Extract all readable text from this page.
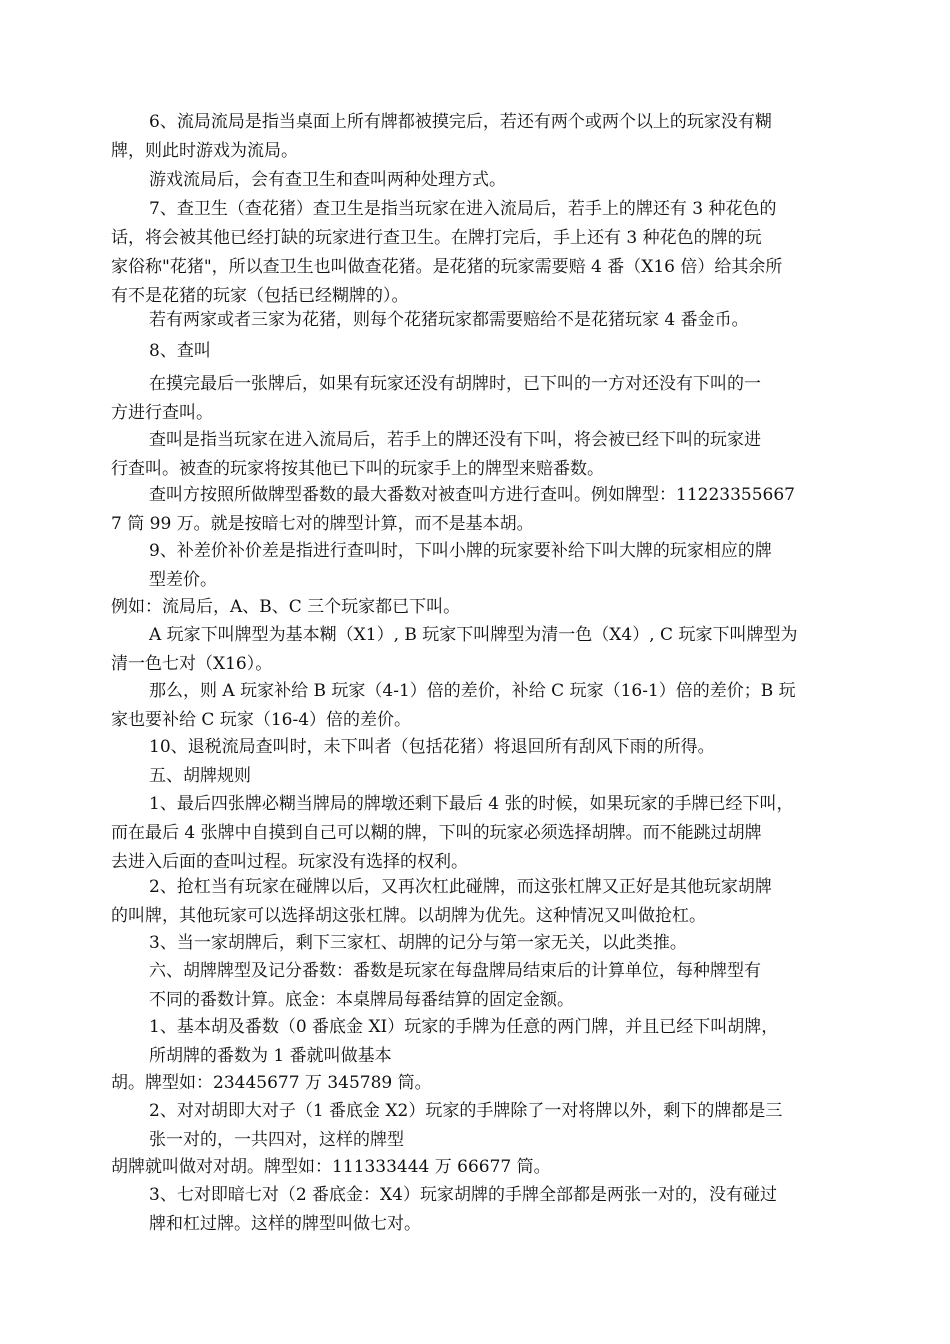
6、流局流局是指当桌面上所有牌都被摸完后，若还有两个或两个以上的玩家没有糊
牌，则此时游戏为流局。

游戏流局后，会有查卫生和查叫两种处理方式。

7、查卫生（查花猪）查卫生是指当玩家在进入流局后，若手上的牌还有 3 种花色的
话，将会被其他已经打缺的玩家进行查卫生。在牌打完后，手上还有 3 种花色的牌的玩
家俗称"花猪"，所以查卫生也叫做查花猪。是花猪的玩家需要赔 4 番（X16 倍）给其余所
有不是花猪的玩家（包括已经糊牌的）。

若有两家或者三家为花猪，则每个花猪玩家都需要赔给不是花猪玩家 4 番金币。

8、查叫

在摸完最后一张牌后，如果有玩家还没有胡牌时，已下叫的一方对还没有下叫的一
方进行查叫。

查叫是指当玩家在进入流局后，若手上的牌还没有下叫，将会被已经下叫的玩家进
行查叫。被查的玩家将按其他已下叫的玩家手上的牌型来赔番数。

查叫方按照所做牌型番数的最大番数对被查叫方进行查叫。例如牌型：11223355667
7 筒 99 万。就是按暗七对的牌型计算，而不是基本胡。

9、补差价补价差是指进行查叫时，下叫小牌的玩家要补给下叫大牌的玩家相应的牌
型差价。

例如：流局后，A、B、C 三个玩家都已下叫。

A 玩家下叫牌型为基本糊（X1）, B 玩家下叫牌型为清一色（X4）, C 玩家下叫牌型为
清一色七对（X16）。

那么，则 A 玩家补给 B 玩家（4-1）倍的差价，补给 C 玩家（16-1）倍的差价；B 玩
家也要补给 C 玩家（16-4）倍的差价。

10、退税流局查叫时，未下叫者（包括花猪）将退回所有刮风下雨的所得。

五、胡牌规则

1、最后四张牌必糊当牌局的牌墩还剩下最后 4 张的时候，如果玩家的手牌已经下叫，
而在最后 4 张牌中自摸到自己可以糊的牌，下叫的玩家必须选择胡牌。而不能跳过胡牌
去进入后面的查叫过程。玩家没有选择的权利。

2、抢杠当有玩家在碰牌以后，又再次杠此碰牌，而这张杠牌又正好是其他玩家胡牌
的叫牌，其他玩家可以选择胡这张杠牌。以胡牌为优先。这种情况又叫做抢杠。

3、当一家胡牌后，剩下三家杠、胡牌的记分与第一家无关，以此类推。

六、胡牌牌型及记分番数：番数是玩家在每盘牌局结束后的计算单位，每种牌型有
不同的番数计算。底金：本桌牌局每番结算的固定金额。

1、基本胡及番数（0 番底金 XI）玩家的手牌为任意的两门牌，并且已经下叫胡牌，
所胡牌的番数为 1 番就叫做基本

胡。牌型如：23445677 万 345789 筒。

2、对对胡即大对子（1 番底金 X2）玩家的手牌除了一对将牌以外，剩下的牌都是三
张一对的，一共四对，这样的牌型

胡牌就叫做对对胡。牌型如：111333444 万 66677 筒。

3、七对即暗七对（2 番底金：X4）玩家胡牌的手牌全部都是两张一对的，没有碰过
牌和杠过牌。这样的牌型叫做七对。
